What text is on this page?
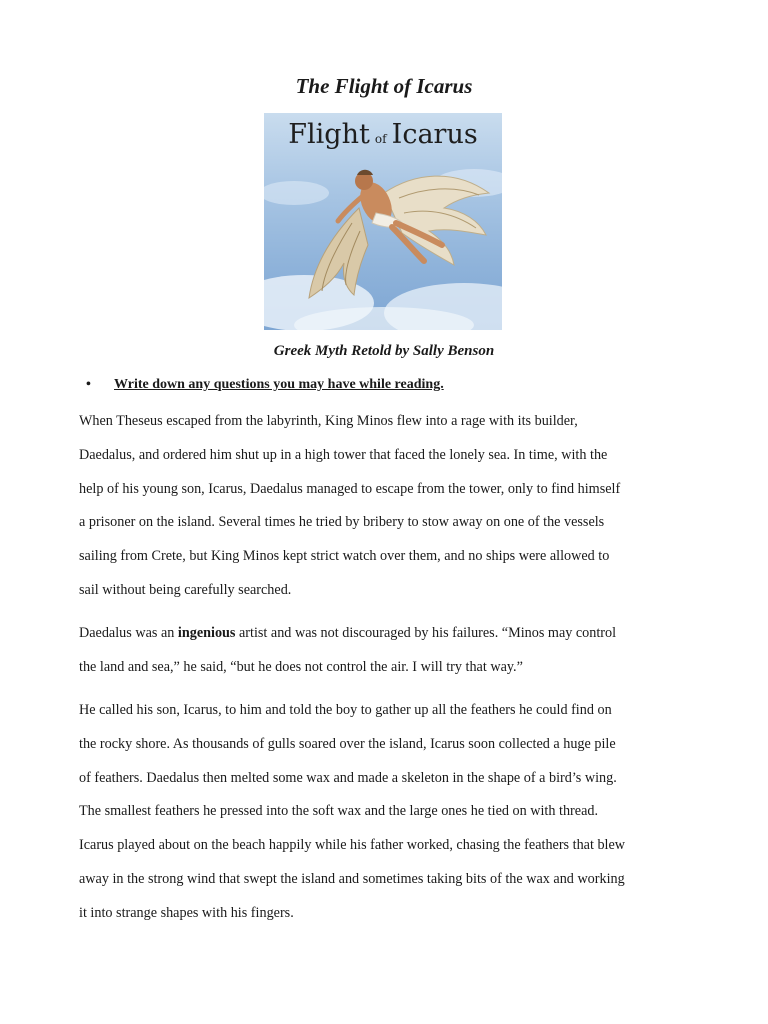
The Flight of Icarus
Flight of Icarus
Greek Myth Retold by Sally Benson
•	Write down any questions you may have while reading.

When Theseus escaped from the labyrinth, King Minos flew into a rage with its builder,
Daedalus, and ordered him shut up in a high tower that faced the lonely sea. In time, with the
help of his young son, Icarus, Daedalus managed to escape from the tower, only to find himself
a prisoner on the island. Several times he tried by bribery to stow away on one of the vessels
sailing from Crete, but King Minos kept strict watch over them, and no ships were allowed to
sail without being carefully searched.

Daedalus was an ingenious artist and was not discouraged by his failures. “Minos may control
the land and sea,” he said, “but he does not control the air. I will try that way.”

He called his son, Icarus, to him and told the boy to gather up all the feathers he could find on
the rocky shore. As thousands of gulls soared over the island, Icarus soon collected a huge pile
of feathers. Daedalus then melted some wax and made a skeleton in the shape of a bird’s wing.
The smallest feathers he pressed into the soft wax and the large ones he tied on with thread.
Icarus played about on the beach happily while his father worked, chasing the feathers that blew
away in the strong wind that swept the island and sometimes taking bits of the wax and working
it into strange shapes with his fingers.
